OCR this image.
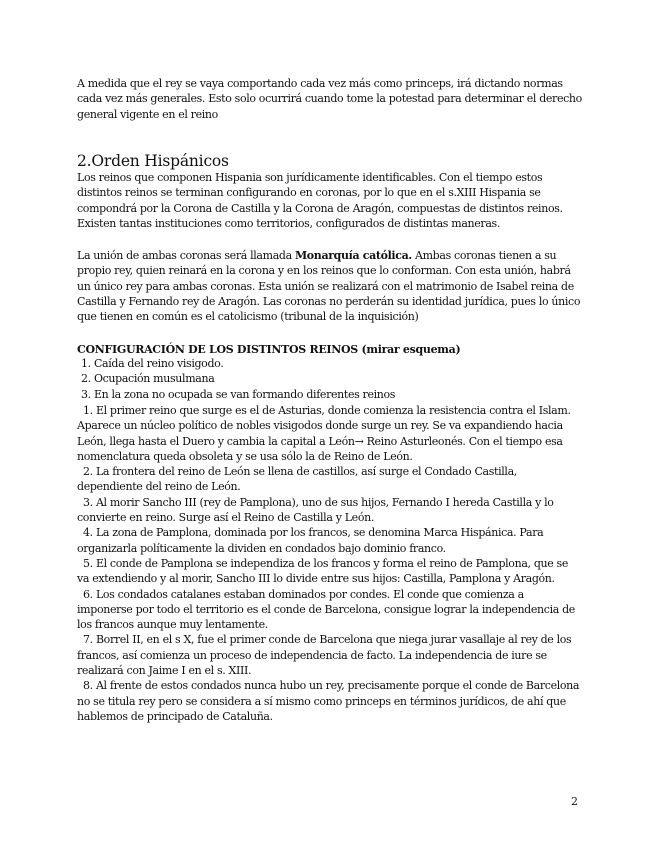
A medida que el rey se vaya comportando cada vez más como princeps, irá dictando normas cada vez más generales. Esto solo ocurrirá cuando tome la potestad para determinar el derecho general vigente en el reino

2.Orden Hispánicos

Los reinos que componen Hispania son jurídicamente identificables. Con el tiempo estos distintos reinos se terminan configurando en coronas, por lo que en el s.XIII Hispania se compondrá por la Corona de Castilla y la Corona de Aragón, compuestas de distintos reinos. Existen tantas instituciones como territorios, configurados de distintas maneras.

La unión de ambas coronas será llamada Monarquía católica. Ambas coronas tienen a su propio rey, quien reinará en la corona y en los reinos que lo conforman. Con esta unión, habrá un único rey para ambas coronas. Esta unión se realizará con el matrimonio de Isabel reina de Castilla y Fernando rey de Aragón. Las coronas no perderán su identidad jurídica, pues lo único que tienen en común es el catolicismo (tribunal de la inquisición)

CONFIGURACIÓN DE LOS DISTINTOS REINOS (mirar esquema)

1. Caída del reino visigodo.

2. Ocupación musulmana

3. En la zona no ocupada se van formando diferentes reinos

1. El primer reino que surge es el de Asturias, donde comienza la resistencia contra el Islam. Aparece un núcleo político de nobles visigodos donde surge un rey. Se va expandiendo hacia León, llega hasta el Duero y cambia la capital a León→ Reino Asturleonés. Con el tiempo esa nomenclatura queda obsoleta y se usa sólo la de Reino de León.

2. La frontera del reino de León se llena de castillos, así surge el Condado Castilla, dependiente del reino de León.

3. Al morir Sancho III (rey de Pamplona), uno de sus hijos, Fernando I hereda Castilla y lo convierte en reino. Surge así el Reino de Castilla y León.

4. La zona de Pamplona, dominada por los francos, se denomina Marca Hispánica. Para organizarla políticamente la dividen en condados bajo dominio franco.

5. El conde de Pamplona se independiza de los francos y forma el reino de Pamplona, que se va extendiendo y al morir, Sancho III lo divide entre sus hijos: Castilla, Pamplona y Aragón.

6. Los condados catalanes estaban dominados por condes. El conde que comienza a imponerse por todo el territorio es el conde de Barcelona, consigue lograr la independencia de los francos aunque muy lentamente.

7. Borrel II, en el s X, fue el primer conde de Barcelona que niega jurar vasallaje al rey de los francos, así comienza un proceso de independencia de facto. La independencia de iure se realizará con Jaime I en el s. XIII.

8. Al frente de estos condados nunca hubo un rey, precisamente porque el conde de Barcelona no se titula rey pero se considera a sí mismo como princeps en términos jurídicos, de ahí que hablemos de principado de Cataluña.

2
